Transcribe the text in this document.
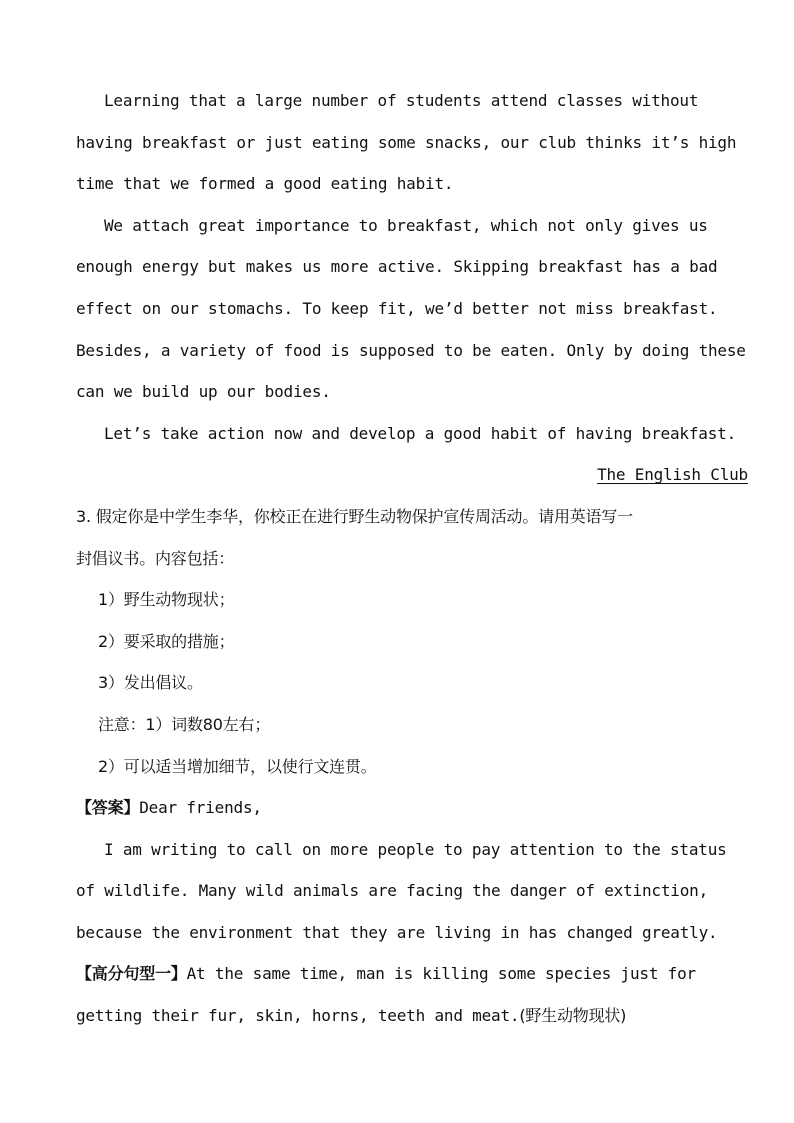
Learning that a large number of students attend classes without
having breakfast or just eating some snacks, our club thinks it’s high
time that we formed a good eating habit.
We attach great importance to breakfast, which not only gives us
enough energy but makes us more active. Skipping breakfast has a bad
effect on our stomachs. To keep fit, we’d better not miss breakfast.
Besides, a variety of food is supposed to be eaten. Only by doing these
can we build up our bodies.
Let’s take action now and develop a good habit of having breakfast.
The English Club
3. 假定你是中学生李华，你校正在进行野生动物保护宣传周活动。请用英语写一
封倡议书。内容包括：
1）野生动物现状；
2）要采取的措施；
3）发出倡议。
注意：1）词数80左右；
2）可以适当增加细节，以使行文连贯。
【答案】Dear friends,
I am writing to call on more people to pay attention to the status
of wildlife. Many wild animals are facing the danger of extinction,
because the environment that they are living in has changed greatly.
【高分句型一】At the same time, man is killing some species just for
getting their fur, skin, horns, teeth and meat.(野生动物现状)
